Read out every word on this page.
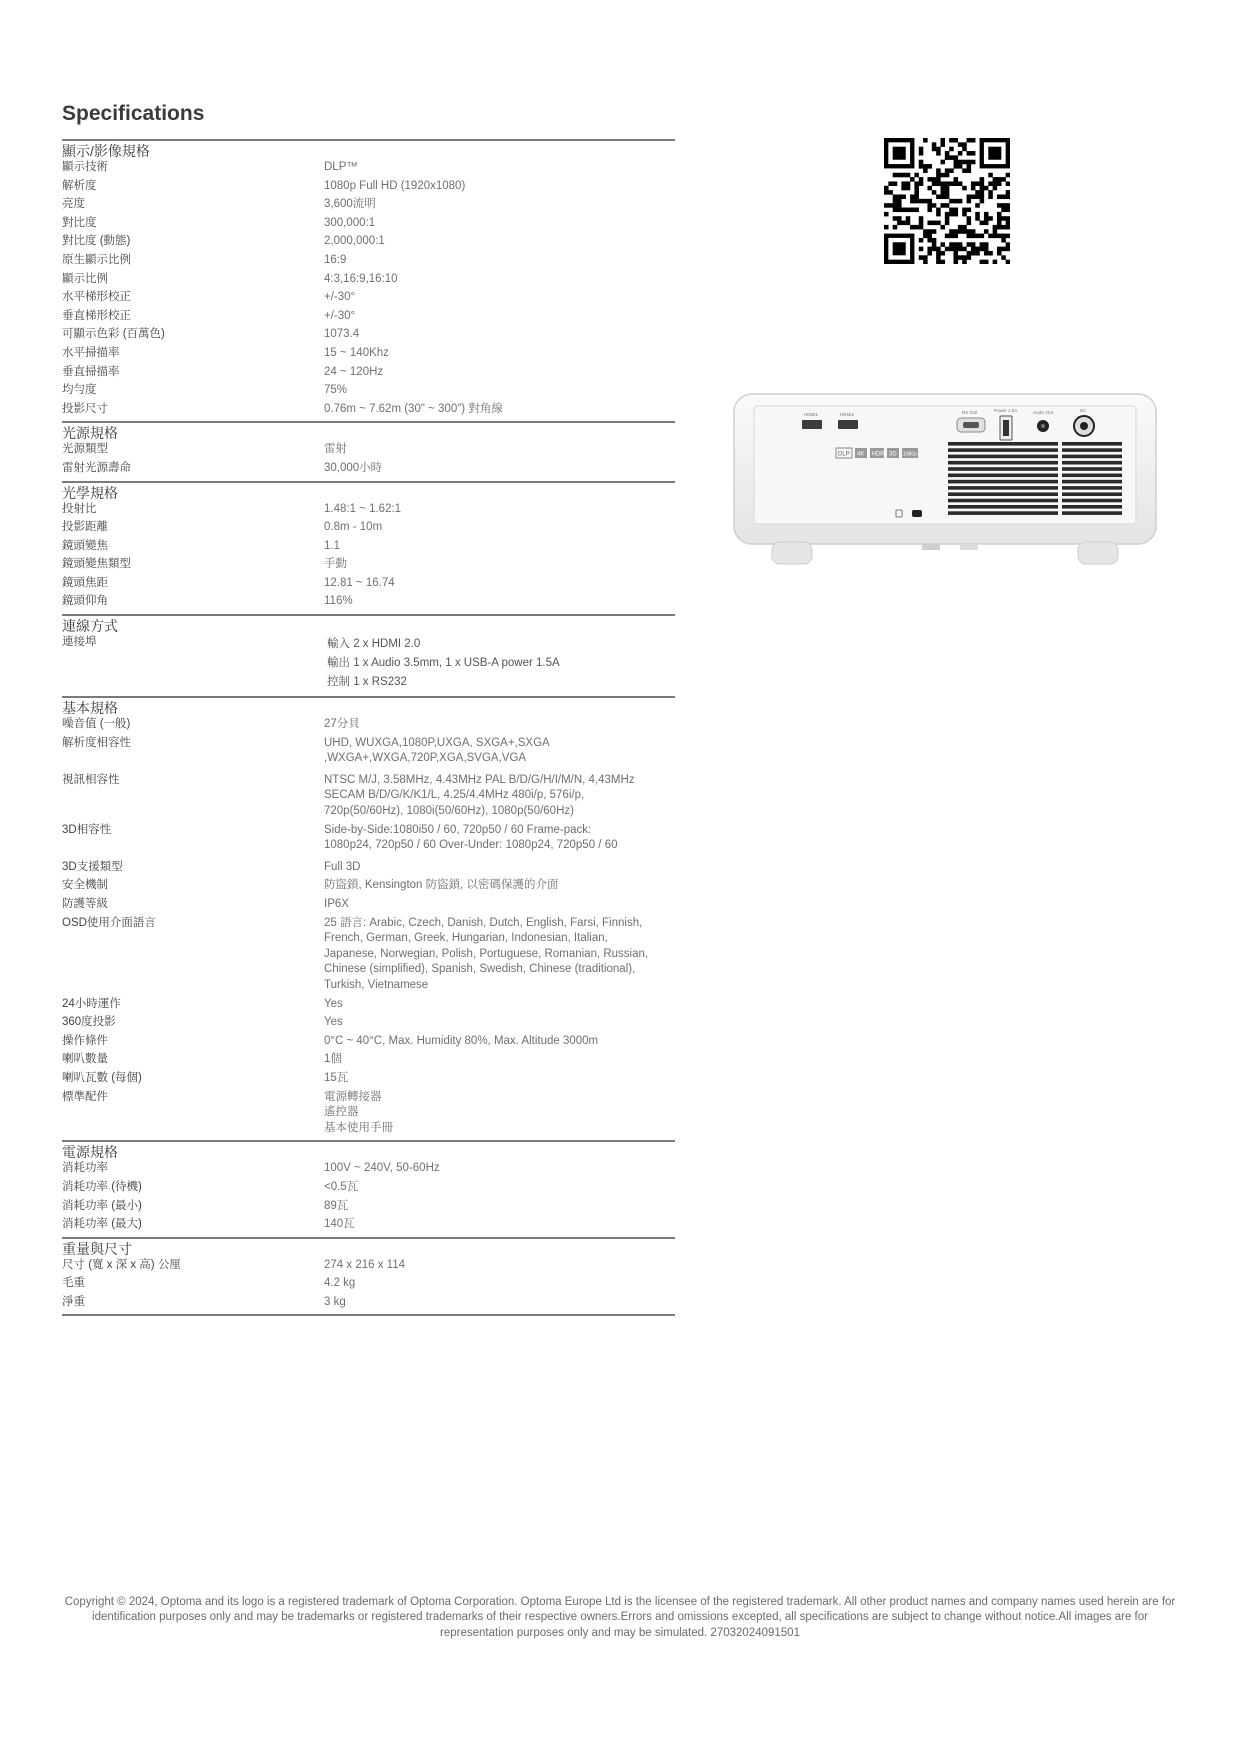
Specifications
顯示/影像規格
顯示技術	DLP™
解析度	1080p Full HD (1920x1080)
亮度	3,600流明
對比度	300,000:1
對比度 (動態)	2,000,000:1
原生顯示比例	16:9
顯示比例	4:3,16:9,16:10
水平梯形校正	+/-30°
垂直梯形校正	+/-30°
可顯示色彩 (百萬色)	1073.4
水平掃描率	15 ~ 140Khz
垂直掃描率	24 ~ 120Hz
均勻度	75%
投影尺寸	0.76m ~ 7.62m (30" ~ 300") 對角線
光源規格
光源類型	雷射
雷射光源壽命	30,000小時
光學規格
投射比	1.48:1 ~ 1.62:1
投影距離	0.8m - 10m
鏡頭變焦	1.1
鏡頭變焦類型	手動
鏡頭焦距	12.81 ~ 16.74
鏡頭仰角	116%
連線方式
連接埠	輸入 2 x HDMI 2.0
輸出 1 x Audio 3.5mm, 1 x USB-A power 1.5A
控制 1 x RS232
基本規格
噪音值 (一般)	27分貝
解析度相容性	UHD, WUXGA,1080P,UXGA, SXGA+,SXGA
,WXGA+,WXGA,720P,XGA,SVGA,VGA
視訊相容性	NTSC M/J, 3.58MHz, 4.43MHz PAL B/D/G/H/I/M/N, 4,43MHz
SECAM B/D/G/K/K1/L, 4.25/4.4MHz 480i/p, 576i/p,
720p(50/60Hz), 1080i(50/60Hz), 1080p(50/60Hz)
3D相容性	Side-by-Side:1080i50 / 60, 720p50 / 60 Frame-pack:
1080p24, 720p50 / 60 Over-Under: 1080p24, 720p50 / 60
3D支援類型	Full 3D
安全機制	防盜鎖, Kensington 防盜鎖, 以密碼保護的介面
防護等級	IP6X
OSD使用介面語言	25 語言: Arabic, Czech, Danish, Dutch, English, Farsi, Finnish,
French, German, Greek, Hungarian, Indonesian, Italian,
Japanese, Norwegian, Polish, Portuguese, Romanian, Russian,
Chinese (simplified), Spanish, Swedish, Chinese (traditional),
Turkish, Vietnamese
24小時運作	Yes
360度投影	Yes
操作條件	0°C ~ 40°C, Max. Humidity 80%, Max. Altitude 3000m
喇叭數量	1個
喇叭瓦數 (每個)	15瓦
標準配件	電源轉接器
遙控器
基本使用手冊
電源規格
消耗功率	100V ~ 240V, 50-60Hz
消耗功率 (待機)	<0.5瓦
消耗功率 (最小)	89瓦
消耗功率 (最大)	140瓦
重量與尺寸
尺寸 (寬 x 深 x 高) 公厘	274 x 216 x 114
毛重	4.2 kg
淨重	3 kg
DLP 4K HDR 3D 1080p
HDMI1	HDMI2	RS-232	Power 1.5A	Audio Out	DC

Copyright © 2024, Optoma and its logo is a registered trademark of Optoma Corporation. Optoma Europe Ltd is the licensee of the registered trademark. All other product names and company names used herein are for identification purposes only and may be trademarks or registered trademarks of their respective owners.Errors and omissions excepted, all specifications are subject to change without notice.All images are for representation purposes only and may be simulated. 27032024091501
